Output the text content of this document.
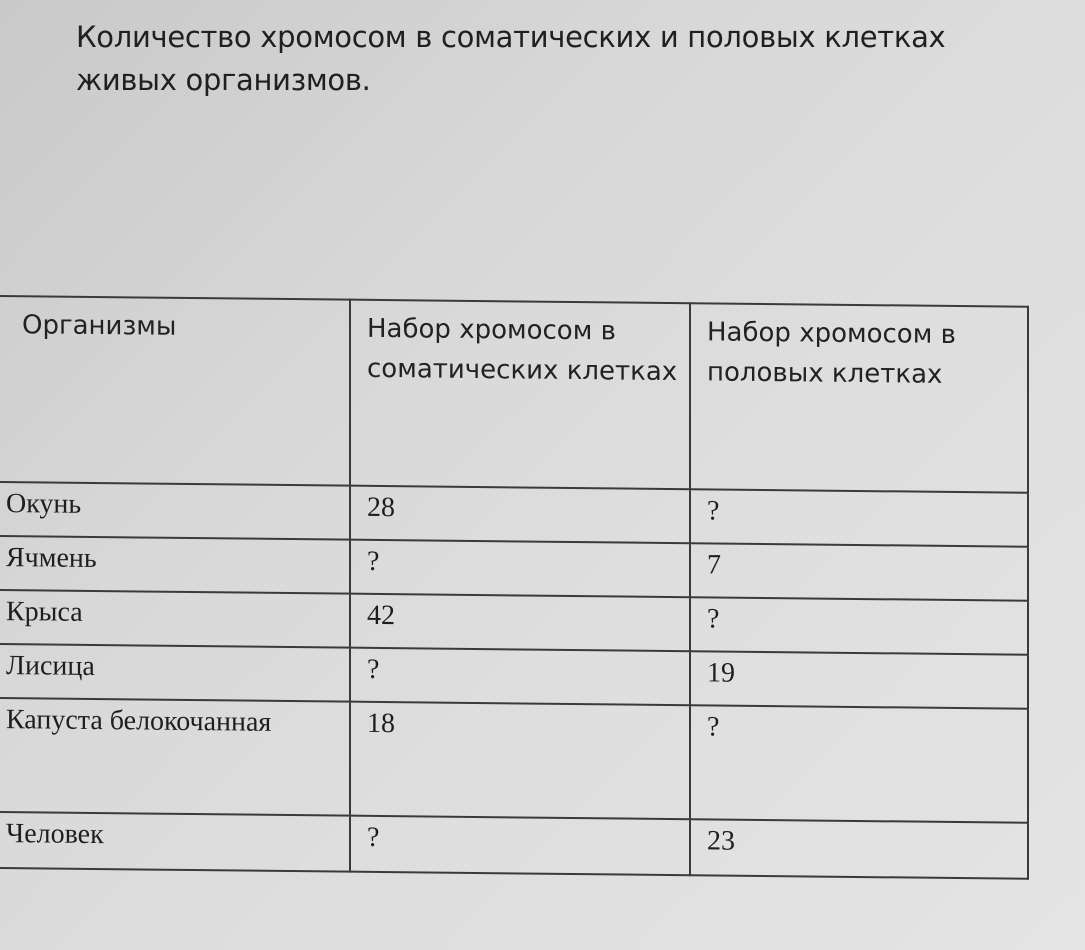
Количество хромосом в соматических и половых клетках живых организмов.
Организмы	Набор хромосом в соматических клетках	Набор хромосом в половых клетках
Окунь	28	?
Ячмень	?	7
Крыса	42	?
Лисица	?	19
Капуста белокочанная	18	?
Человек	?	23
